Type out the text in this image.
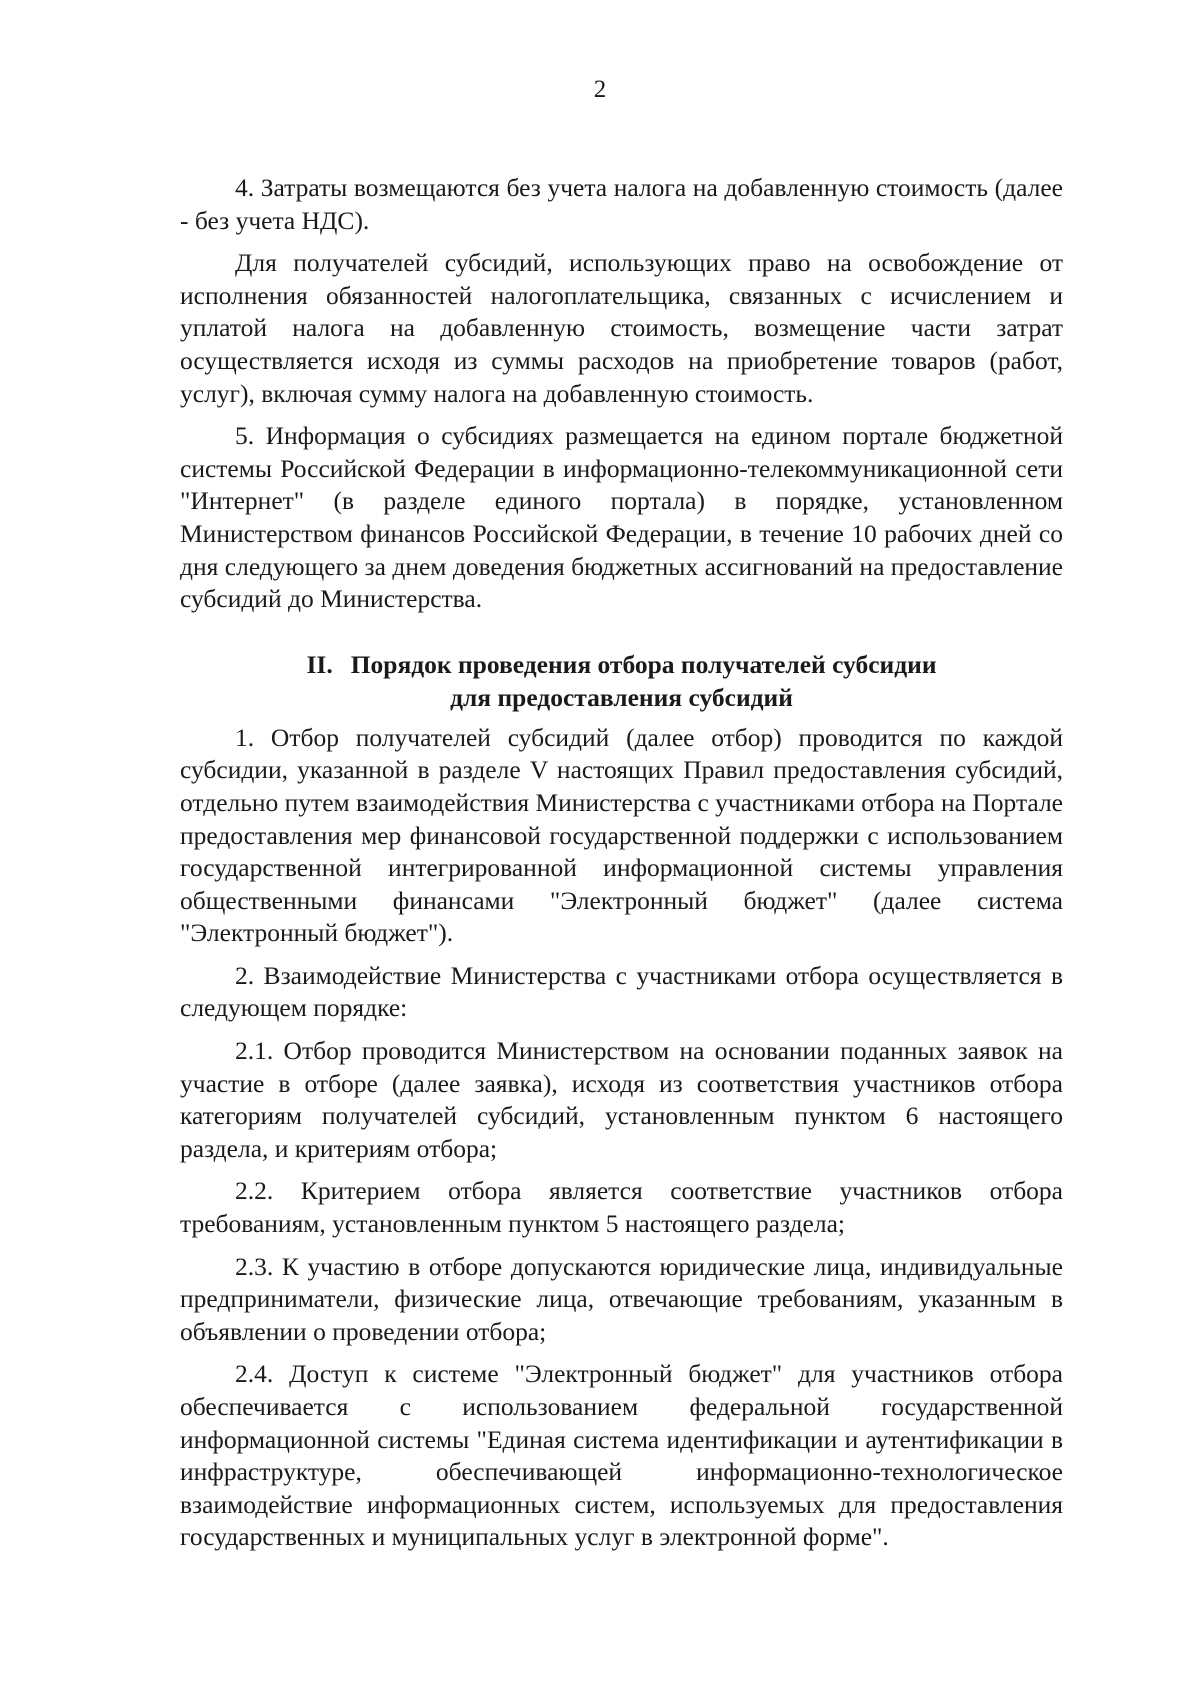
2

4. Затраты возмещаются без учета налога на добавленную стоимость (далее - без учета НДС).

Для получателей субсидий, использующих право на освобождение от исполнения обязанностей налогоплательщика, связанных с исчислением и уплатой налога на добавленную стоимость, возмещение части затрат осуществляется исходя из суммы расходов на приобретение товаров (работ, услуг), включая сумму налога на добавленную стоимость.

5. Информация о субсидиях размещается на едином портале бюджетной системы Российской Федерации в информационно-телекоммуникационной сети "Интернет" (в разделе единого портала) в порядке, установленном Министерством финансов Российской Федерации, в течение 10 рабочих дней со дня следующего за днем доведения бюджетных ассигнований на предоставление субсидий до Министерства.

II. Порядок проведения отбора получателей субсидии
для предоставления субсидий

1. Отбор получателей субсидий (далее отбор) проводится по каждой субсидии, указанной в разделе V настоящих Правил предоставления субсидий, отдельно путем взаимодействия Министерства с участниками отбора на Портале предоставления мер финансовой государственной поддержки с использованием государственной интегрированной информационной системы управления общественными финансами "Электронный бюджет" (далее система "Электронный бюджет").

2. Взаимодействие Министерства с участниками отбора осуществляется в следующем порядке:

2.1. Отбор проводится Министерством на основании поданных заявок на участие в отборе (далее заявка), исходя из соответствия участников отбора категориям получателей субсидий, установленным пунктом 6 настоящего раздела, и критериям отбора;

2.2. Критерием отбора является соответствие участников отбора требованиям, установленным пунктом 5 настоящего раздела;

2.3. К участию в отборе допускаются юридические лица, индивидуальные предприниматели, физические лица, отвечающие требованиям, указанным в объявлении о проведении отбора;

2.4. Доступ к системе "Электронный бюджет" для участников отбора обеспечивается с использованием федеральной государственной информационной системы "Единая система идентификации и аутентификации в инфраструктуре, обеспечивающей информационно-технологическое взаимодействие информационных систем, используемых для предоставления государственных и муниципальных услуг в электронной форме".
